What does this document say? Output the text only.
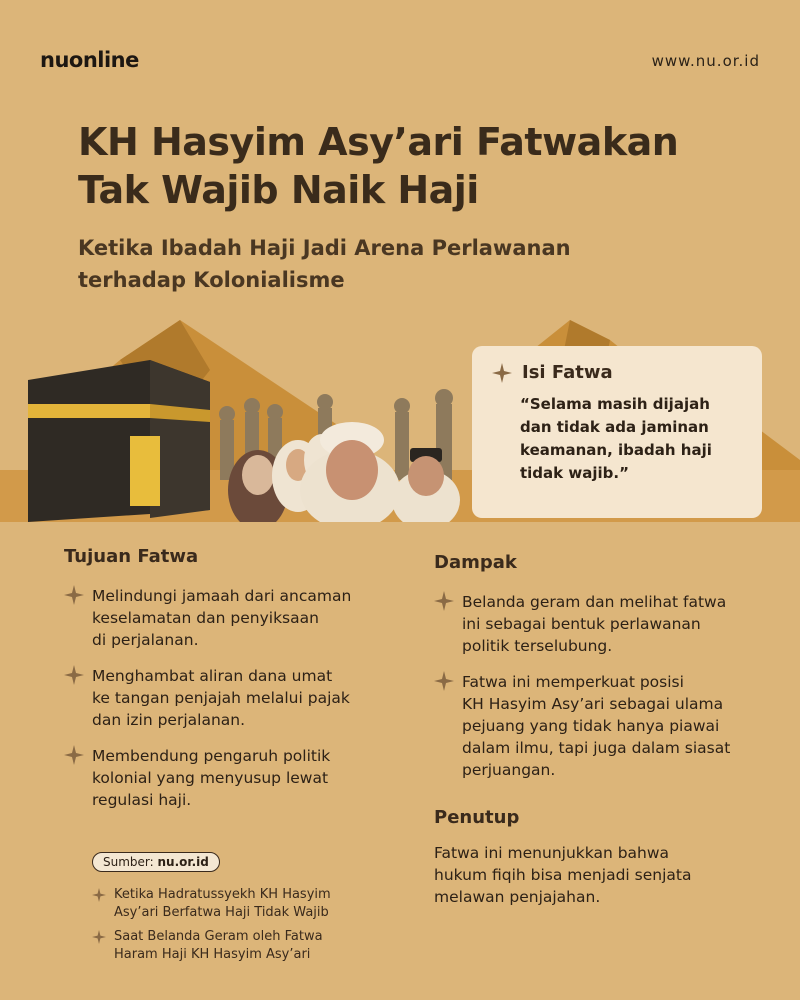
nuonline	www.nu.or.id
KH Hasyim Asy’ari Fatwakan
Tak Wajib Naik Haji
Ketika Ibadah Haji Jadi Arena Perlawanan
terhadap Kolonialisme
Isi Fatwa
“Selama masih dijajah
dan tidak ada jaminan
keamanan, ibadah haji
tidak wajib.”
Tujuan Fatwa
Melindungi jamaah dari ancaman
keselamatan dan penyiksaan
di perjalanan.
Menghambat aliran dana umat
ke tangan penjajah melalui pajak
dan izin perjalanan.
Membendung pengaruh politik
kolonial yang menyusup lewat
regulasi haji.
Dampak
Belanda geram dan melihat fatwa
ini sebagai bentuk perlawanan
politik terselubung.
Fatwa ini memperkuat posisi
KH Hasyim Asy’ari sebagai ulama
pejuang yang tidak hanya piawai
dalam ilmu, tapi juga dalam siasat
perjuangan.
Penutup
Fatwa ini menunjukkan bahwa
hukum fiqih bisa menjadi senjata
melawan penjajahan.
Sumber: nu.or.id
Ketika Hadratussyekh KH Hasyim
Asy’ari Berfatwa Haji Tidak Wajib
Saat Belanda Geram oleh Fatwa
Haram Haji KH Hasyim Asy’ari
